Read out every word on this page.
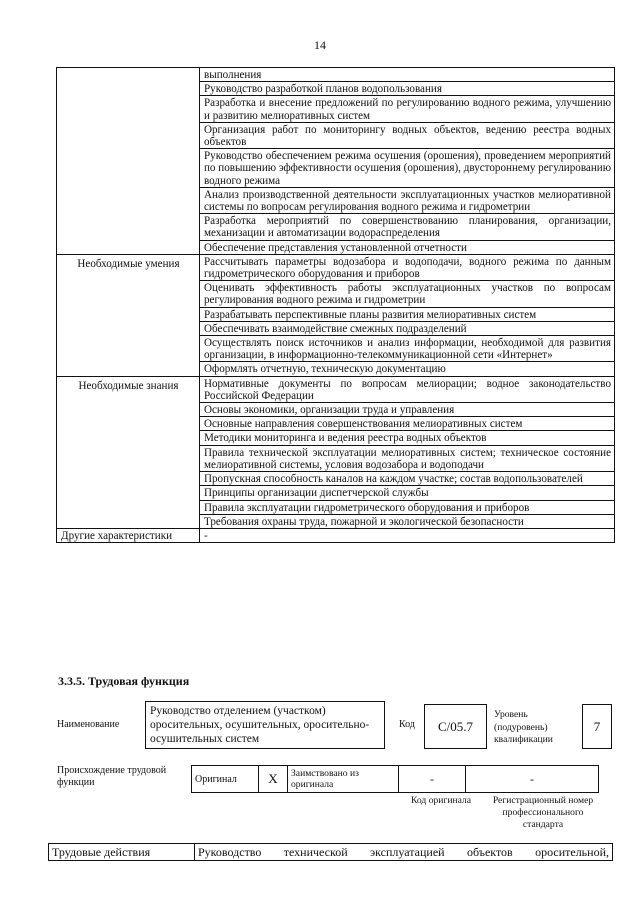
14
	выполнения
	Руководство разработкой планов водопользования
	Разработка и внесение предложений по регулированию водного режима, улучшению и развитию мелиоративных систем
	Организация работ по мониторингу водных объектов, ведению реестра водных объектов
	Руководство обеспечением режима осушения (орошения), проведением мероприятий по повышению эффективности осушения (орошения), двустороннему регулированию водного режима
	Анализ производственной деятельности эксплуатационных участков мелиоративной системы по вопросам регулирования водного режима и гидрометрии
	Разработка мероприятий по совершенствованию планирования, организации, механизации и автоматизации водораспределения
	Обеспечение представления установленной отчетности
Необходимые умения	Рассчитывать параметры водозабора и водоподачи, водного режима по данным гидрометрического оборудования и приборов
	Оценивать эффективность работы эксплуатационных участков по вопросам регулирования водного режима и гидрометрии
	Разрабатывать перспективные планы развития мелиоративных систем
	Обеспечивать взаимодействие смежных подразделений
	Осуществлять поиск источников и анализ информации, необходимой для развития организации, в информационно-телекоммуникационной сети «Интернет»
	Оформлять отчетную, техническую документацию
Необходимые знания	Нормативные документы по вопросам мелиорации; водное законодательство Российской Федерации
	Основы экономики, организации труда и управления
	Основные направления совершенствования мелиоративных систем
	Методики мониторинга и ведения реестра водных объектов
	Правила технической эксплуатации мелиоративных систем; техническое состояние мелиоративной системы, условия водозабора и водоподачи
	Пропускная способность каналов на каждом участке; состав водопользователей
	Принципы организации диспетчерской службы
	Правила эксплуатации гидрометрического оборудования и приборов
	Требования охраны труда, пожарной и экологической безопасности
Другие характеристики	-
3.3.5. Трудовая функция
Наименование
Руководство отделением (участком) оросительных, осушительных, оросительно-осушительных систем
Код	С/05.7
Уровень (подуровень) квалификации
7
Происхождение трудовой функции	Оригинал	X	Заимствовано из оригинала	-	-
Код оригинала	Регистрационный номер профессионального стандарта
Трудовые действия	Руководство технической эксплуатацией объектов оросительной,
